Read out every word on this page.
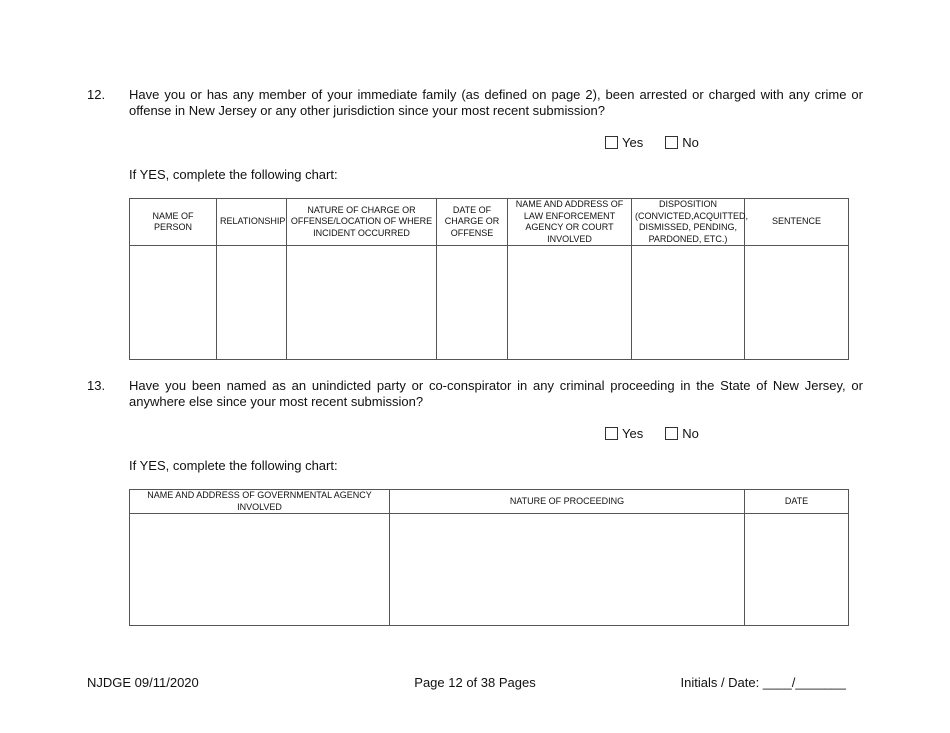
12. Have you or has any member of your immediate family (as defined on page 2), been arrested or charged with any crime or offense in New Jersey or any other jurisdiction since your most recent submission?
Yes	No
If YES, complete the following chart:
NAME OF PERSON	RELATIONSHIP	NATURE OF CHARGE OR OFFENSE/LOCATION OF WHERE INCIDENT OCCURRED	DATE OF CHARGE OR OFFENSE	NAME AND ADDRESS OF LAW ENFORCEMENT AGENCY OR COURT INVOLVED	DISPOSITION (CONVICTED,ACQUITTED, DISMISSED, PENDING, PARDONED, ETC.)	SENTENCE

13. Have you been named as an unindicted party or co-conspirator in any criminal proceeding in the State of New Jersey, or anywhere else since your most recent submission?
Yes	No
If YES, complete the following chart:
NAME AND ADDRESS OF GOVERNMENTAL AGENCY INVOLVED	NATURE OF PROCEEDING	DATE

NJDGE 09/11/2020	Page 12 of 38 Pages	Initials / Date: ____/_______
